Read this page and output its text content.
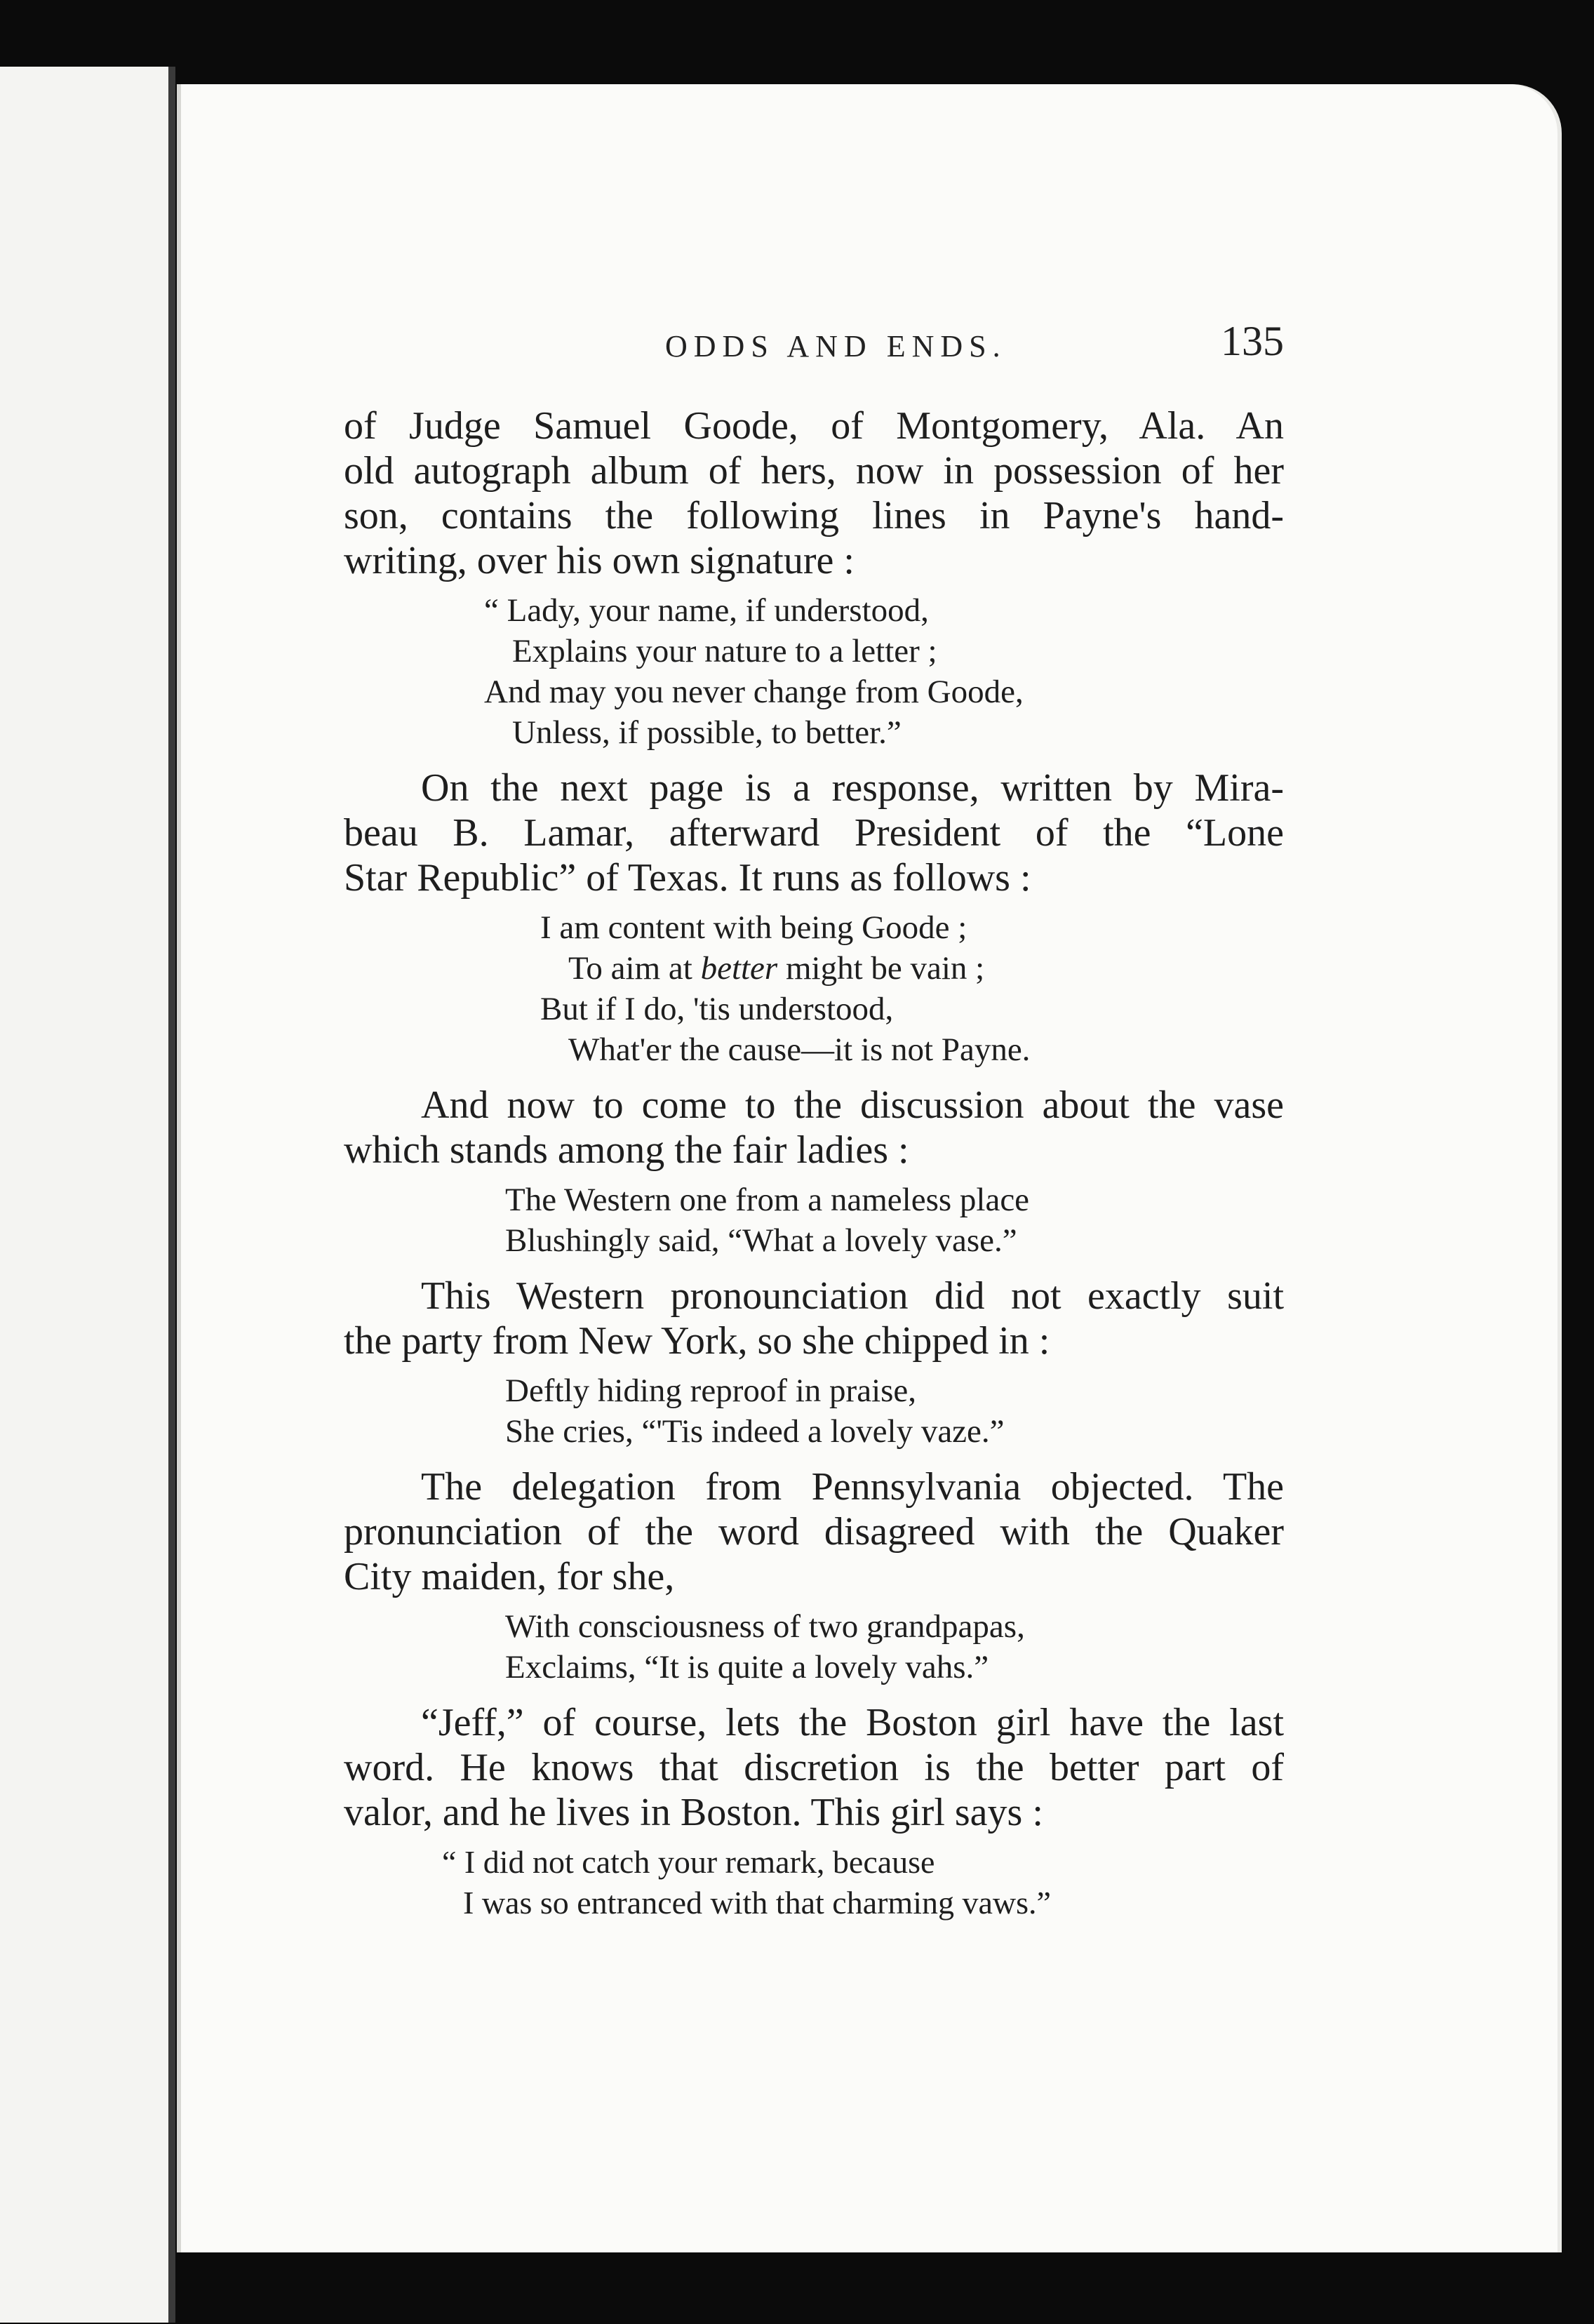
ODDS AND ENDS.	135

of Judge Samuel Goode, of Montgomery, Ala. An
old autograph album of hers, now in possession of her
son, contains the following lines in Payne's hand-
writing, over his own signature :

“ Lady, your name, if understood,
Explains your nature to a letter ;
And may you never change from Goode,
Unless, if possible, to better.”

On the next page is a response, written by Mira-
beau B. Lamar, afterward President of the “Lone
Star Republic” of Texas. It runs as follows :

I am content with being Goode ;
To aim at better might be vain ;
But if I do, 'tis understood,
What'er the cause—it is not Payne.

And now to come to the discussion about the vase
which stands among the fair ladies :

The Western one from a nameless place
Blushingly said, “What a lovely vase.”

This Western pronounciation did not exactly suit
the party from New York, so she chipped in :

Deftly hiding reproof in praise,
She cries, “'Tis indeed a lovely vaze.”

The delegation from Pennsylvania objected. The
pronunciation of the word disagreed with the Quaker
City maiden, for she,

With consciousness of two grandpapas,
Exclaims, “It is quite a lovely vahs.”

“Jeff,” of course, lets the Boston girl have the last
word. He knows that discretion is the better part of
valor, and he lives in Boston. This girl says :

“ I did not catch your remark, because
I was so entranced with that charming vaws.”
